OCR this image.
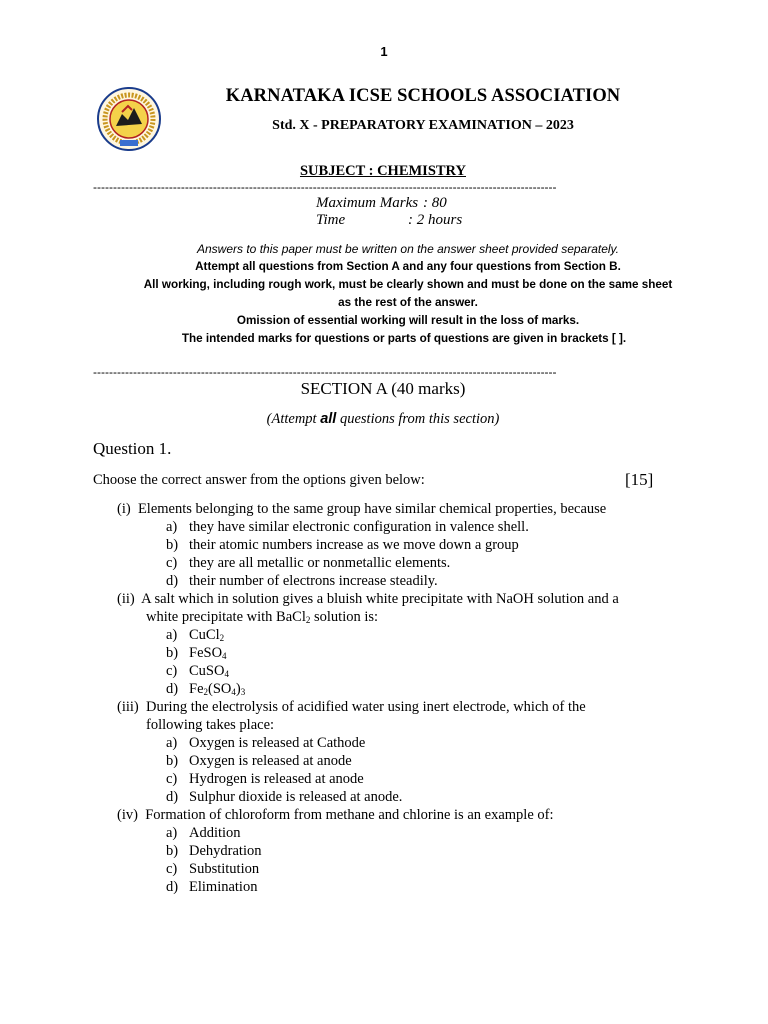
1
KARNATAKA ICSE SCHOOLS ASSOCIATION
Std. X - PREPARATORY EXAMINATION – 2023
SUBJECT : CHEMISTRY
--------------------------------------------------------------------------------------------------------------------
Maximum Marks : 80
Time	: 2 hours
Answers to this paper must be written on the answer sheet provided separately.
Attempt all questions from Section A and any four questions from Section B.
All working, including rough work, must be clearly shown and must be done on the same sheet as the rest of the answer.
Omission of essential working will result in the loss of marks.
The intended marks for questions or parts of questions are given in brackets [ ].
--------------------------------------------------------------------------------------------------------------------
SECTION A (40 marks)
(Attempt all questions from this section)
Question 1.
Choose the correct answer from the options given below:	[15]
(i) Elements belonging to the same group have similar chemical properties, because
a) they have similar electronic configuration in valence shell.
b) their atomic numbers increase as we move down a group
c) they are all metallic or nonmetallic elements.
d) their number of electrons increase steadily.
(ii) A salt which in solution gives a bluish white precipitate with NaOH solution and a
white precipitate with BaCl$_2$ solution is:
a) CuCl$_2$
b) FeSO$_4$
c) CuSO$_4$
d) $Fe_2(SO_4)_3$
(iii) During the electrolysis of acidified water using inert electrode, which of the
following takes place:
a) Oxygen is released at Cathode
b) Oxygen is released at anode
c) Hydrogen is released at anode
d) Sulphur dioxide is released at anode.
(iv) Formation of chloroform from methane and chlorine is an example of:
a) Addition
b) Dehydration
c) Substitution
d) Elimination
